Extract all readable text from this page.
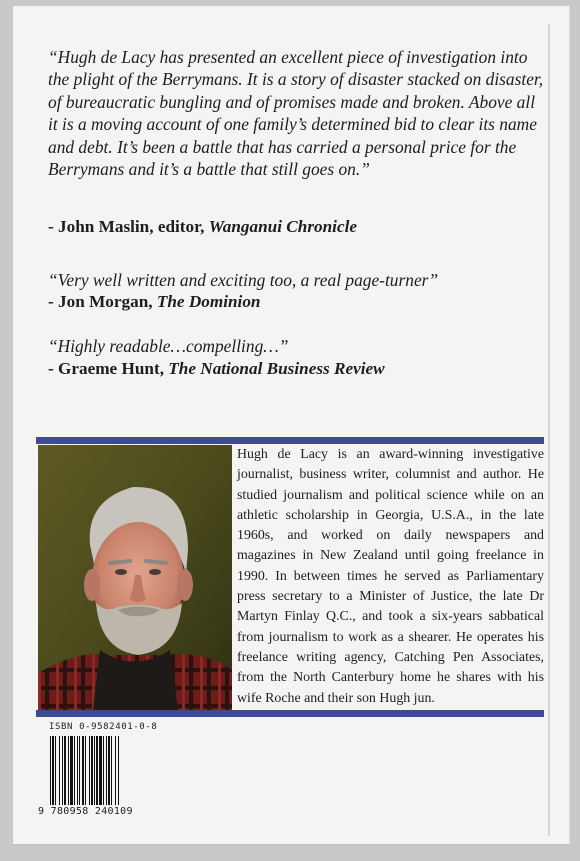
“Hugh de Lacy has presented an excellent piece of investigation into the plight of the Berrymans. It is a story of disaster stacked on disaster, of bureaucratic bungling and of promises made and broken. Above all it is a moving account of one family’s determined bid to clear its name and debt. It’s been a battle that has carried a personal price for the Berrymans and it’s a battle that still goes on.”

- John Maslin, editor, Wanganui Chronicle

“Very well written and exciting too, a real page-turner”

- Jon Morgan, The Dominion

“Highly readable…compelling…”

- Graeme Hunt, The National Business Review

Hugh de Lacy is an award-winning investigative journalist, business writer, columnist and author. He studied journalism and political science while on an athletic scholarship in Georgia, U.S.A., in the late 1960s, and worked on daily newspapers and magazines in New Zealand until going freelance in 1990. In between times he served as Parliamentary press secretary to a Minister of Justice, the late Dr Martyn Finlay Q.C., and took a six-years sabbatical from journalism to work as a shearer. He operates his freelance writing agency, Catching Pen Associates, from the North Canterbury home he shares with his wife Roche and their son Hugh jun.
ISBN 0-9582401-0-8
9 780958 240109
